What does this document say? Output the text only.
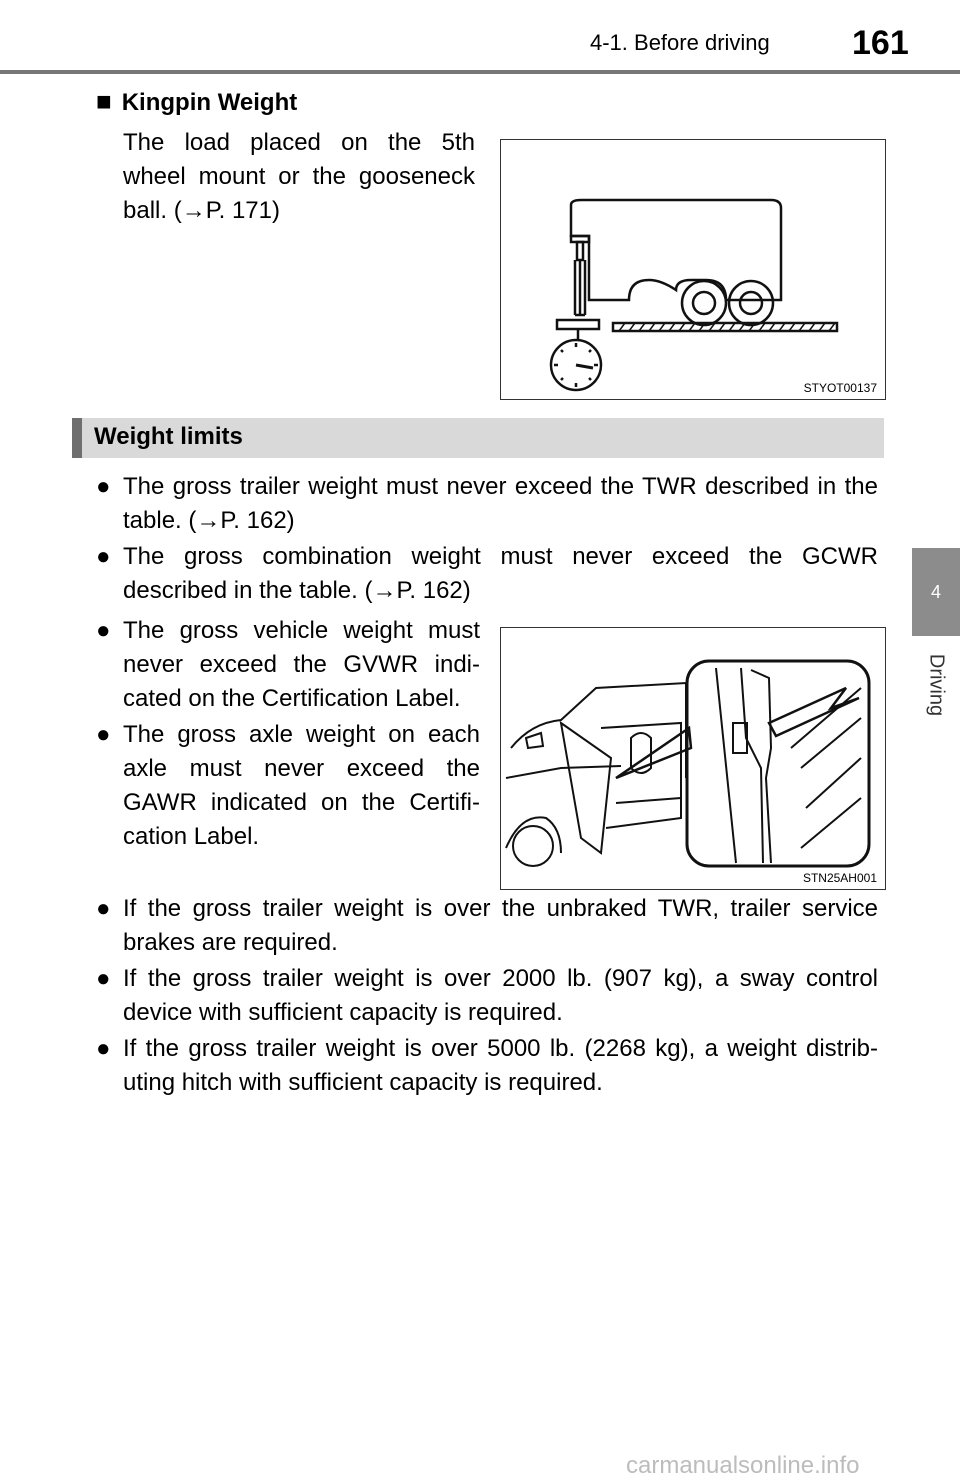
4-1. Before driving 161
4
Driving
■ Kingpin Weight
The load placed on the 5th wheel mount or the gooseneck ball. (→P. 171)
STYOT00137
Weight limits
● The gross trailer weight must never exceed the TWR described in the table. (→P. 162)
● The gross combination weight must never exceed the GCWR described in the table. (→P. 162)
● The gross vehicle weight must never exceed the GVWR indi- cated on the Certification Label.
● The gross axle weight on each axle must never exceed the GAWR indicated on the Certifi- cation Label.
STN25AH001
● If the gross trailer weight is over the unbraked TWR, trailer service brakes are required.
● If the gross trailer weight is over 2000 lb. (907 kg), a sway control device with sufficient capacity is required.
● If the gross trailer weight is over 5000 lb. (2268 kg), a weight distrib- uting hitch with sufficient capacity is required.
carmanualsonline.info
